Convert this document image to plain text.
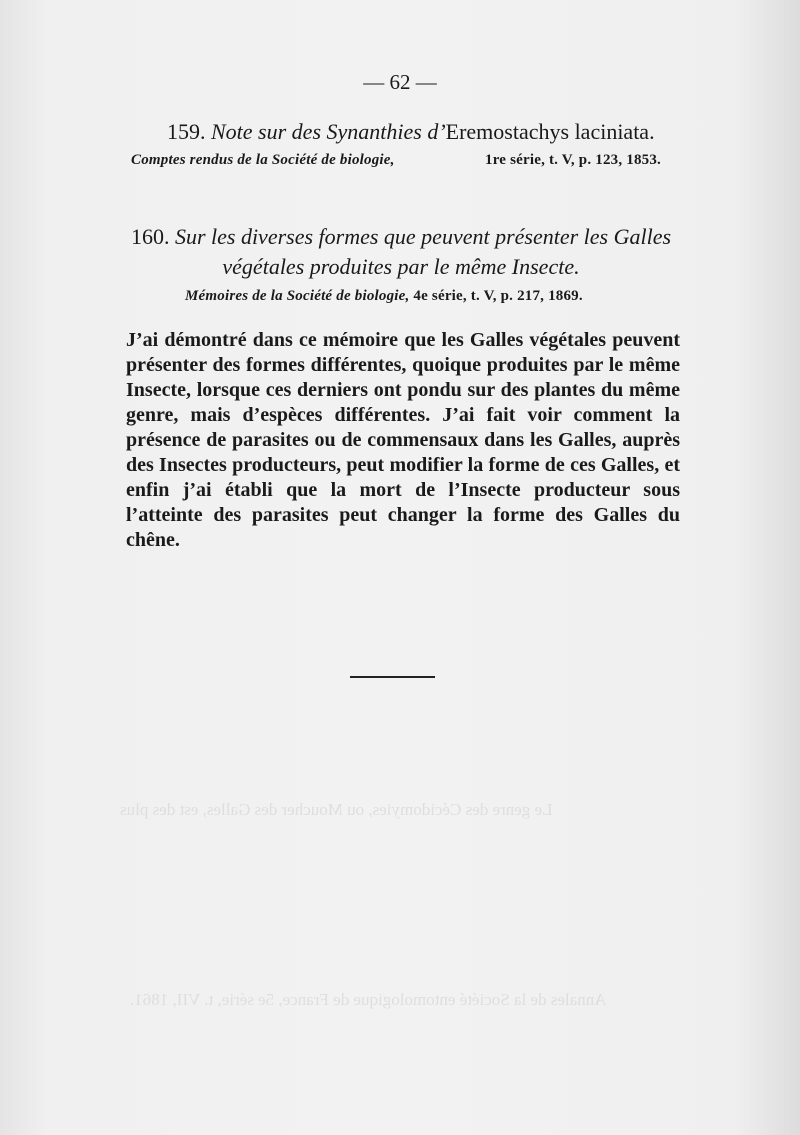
Le genre des Cécidomyies, ou Moucher des Galles, est des plus
Annales de la Société entomologique de France, 5e série, t. VII, 1861.
— 62 —
159. Note sur des Synanthies d’Eremostachys laciniata.
Comptes rendus de la Société de biologie,	1re série, t. V, p. 123, 1853.
160. Sur les diverses formes que peuvent présenter les Galles végétales produites par le même Insecte.
Mémoires de la Société de biologie, 4e série, t. V, p. 217, 1869.

J’ai démontré dans ce mémoire que les Galles végétales peuvent présenter des formes différentes, quoique produites par le même Insecte, lorsque ces derniers ont pondu sur des plantes du même genre, mais d’espèces différentes. J’ai fait voir comment la présence de parasites ou de commensaux dans les Galles, auprès des Insectes producteurs, peut modifier la forme de ces Galles, et enfin j’ai établi que la mort de l’Insecte producteur sous l’atteinte des parasites peut changer la forme des Galles du chêne.
